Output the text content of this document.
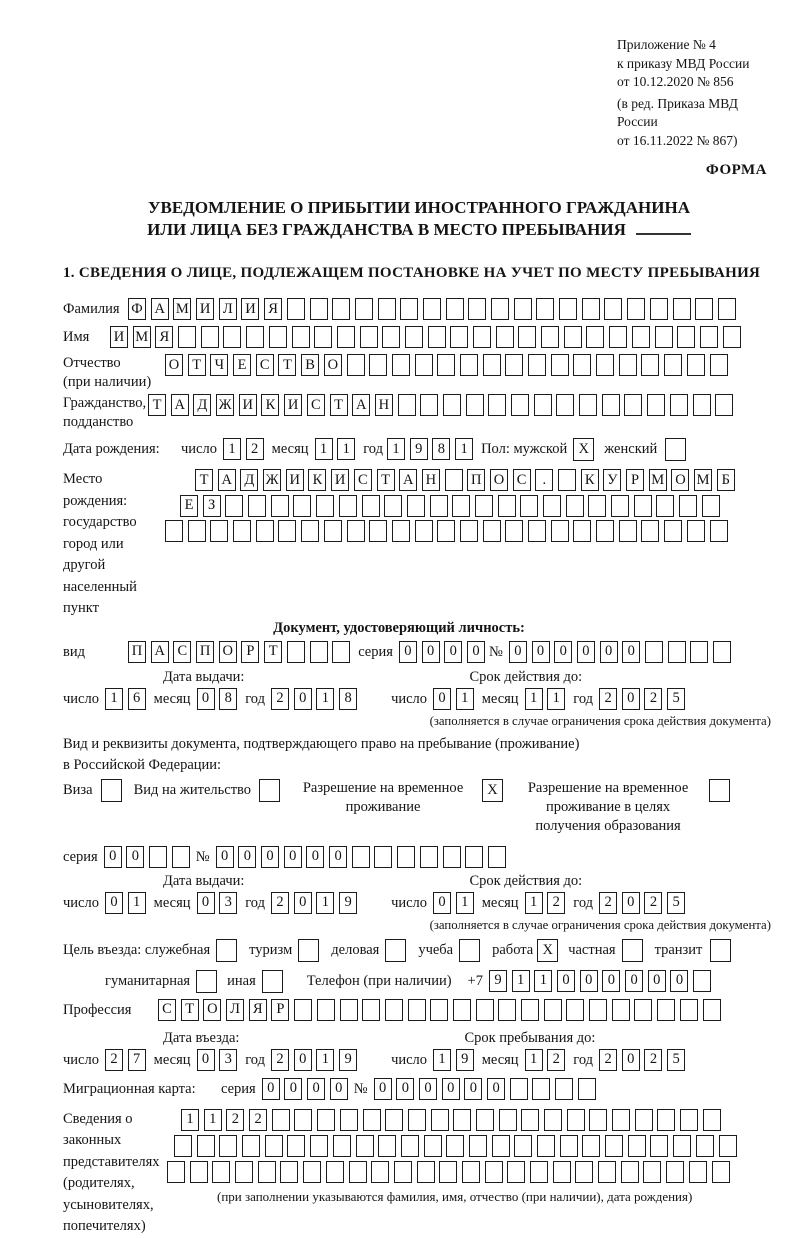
Приложение № 4
к приказу МВД России
от 10.12.2020 № 856
(в ред. Приказа МВД России
от 16.11.2022 № 867)
ФОРМА
УВЕДОМЛЕНИЕ О ПРИБЫТИИ ИНОСТРАННОГО ГРАЖДАНИНА
ИЛИ ЛИЦА БЕЗ ГРАЖДАНСТВА В МЕСТО ПРЕБЫВАНИЯ
1. СВЕДЕНИЯ О ЛИЦЕ, ПОДЛЕЖАЩЕМ ПОСТАНОВКЕ НА УЧЕТ ПО МЕСТУ ПРЕБЫВАНИЯ
Фамилия Ф А М И Л И Я
Имя	И М Я
Отчество
(при наличии)
О Т Ч Е С Т В О
Гражданство,
подданство
Т А Д Ж И К И С Т А Н
Дата рождения:	число 1	2 месяц 1	1 год 1	9	8	1 Пол: мужской X	женский
Место рождения:
государство
город или другой
населенный пункт
Т А Д Ж И К И С Т А Н П О С	.	К У Р М О М Б
Е	З
Документ, удостоверяющий личность:
вид	П А С П О Р Т	серия 0	0	0	0 № 0	0	0	0	0	0
Дата выдачи:	Срок действия до:
число 1	6 месяц 0	8 год 2	0	1	8	число 0	1 месяц 1	1 год 2	0	2	5
(заполняется в случае ограничения срока действия документа)
Вид и реквизиты документа, подтверждающего право на пребывание (проживание)
в Российской Федерации:
Виза	Вид на жительство	Разрешение на временное
проживание
X	Разрешение на временное
проживание в целях
получения образования
серия 0	0	№ 0	0	0	0	0	0
Дата выдачи:	Срок действия до:
число 0	1 месяц 0	3 год 2	0	1	9	число 0	1 месяц 1	2 год 2	0	2	5
(заполняется в случае ограничения срока действия документа)
Цель въезда: служебная	туризм	деловая	учеба	работа X	частная	транзит
гуманитарная	иная	Телефон (при наличии) +7 9	1	1	0	0	0	0	0	0
Профессия	С Т О Л Я Р
Дата въезда:	Срок пребывания до:
число 2	7 месяц 0	3 год 2	0	1	9	число 1	9 месяц 1	2 год 2	0	2	5
Миграционная карта:	серия 0	0	0	0 № 0	0	0	0	0	0
Сведения о
законных
представителях
(родителях,
усыновителях,
попечителях)
1	1	2	2
(при заполнении указываются фамилия, имя, отчество (при наличии), дата рождения)
